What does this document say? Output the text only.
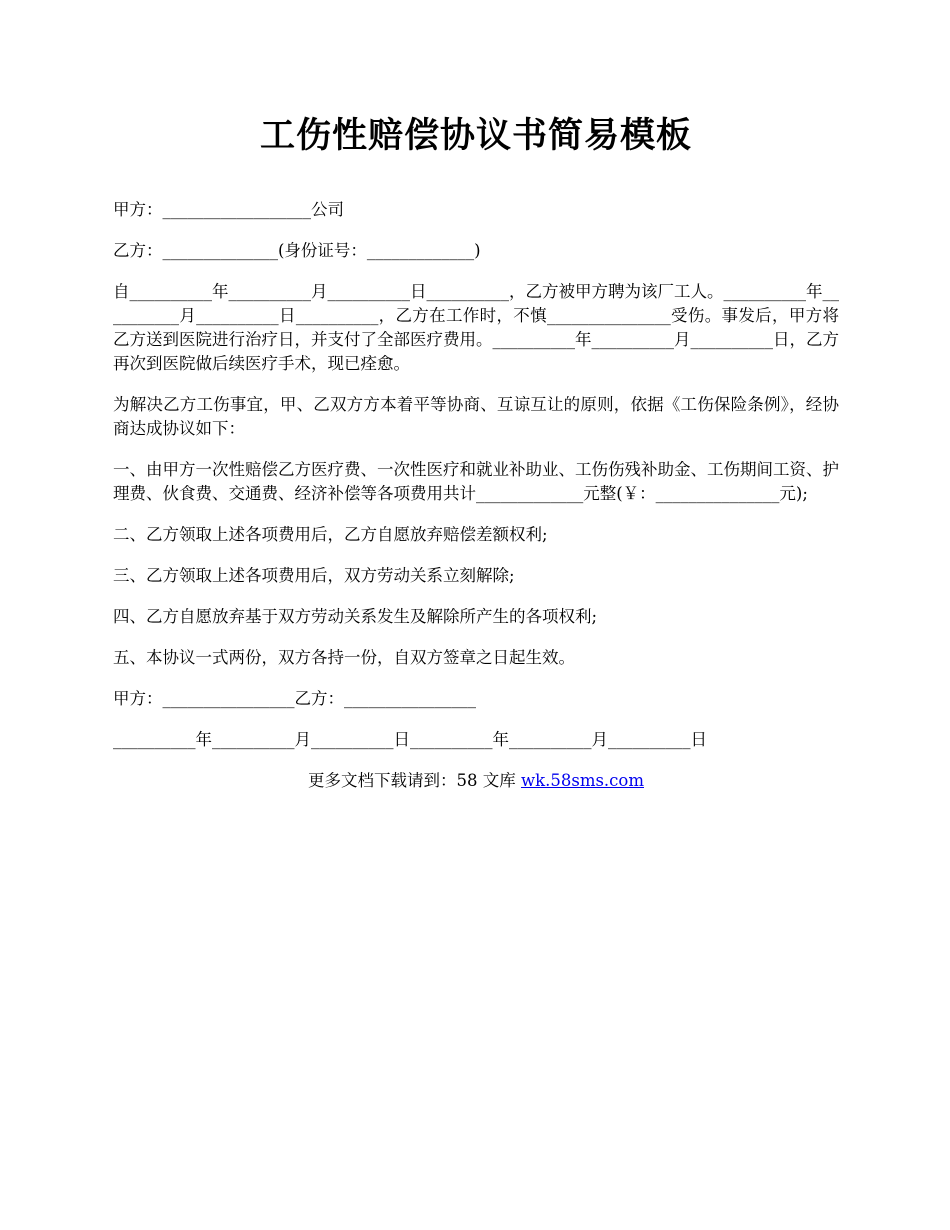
工伤性赔偿协议书简易模板

甲方：__________________公司

乙方：______________(身份证号：_____________)

自__________年__________月__________日__________，乙方被甲方聘为该厂工人。__________年__________月__________日__________，乙方在工作时，不慎_______________受伤。事发后，甲方将乙方送到医院进行治疗日，并支付了全部医疗费用。__________年__________月__________日，乙方再次到医院做后续医疗手术，现已痊愈。

为解决乙方工伤事宜，甲、乙双方方本着平等协商、互谅互让的原则，依据《工伤保险条例》，经协商达成协议如下：

一、由甲方一次性赔偿乙方医疗费、一次性医疗和就业补助业、工伤伤残补助金、工伤期间工资、护理费、伙食费、交通费、经济补偿等各项费用共计_____________元整(￥：_______________元);

二、乙方领取上述各项费用后，乙方自愿放弃赔偿差额权利;

三、乙方领取上述各项费用后，双方劳动关系立刻解除;

四、乙方自愿放弃基于双方劳动关系发生及解除所产生的各项权利;

五、本协议一式两份，双方各持一份，自双方签章之日起生效。

甲方：________________乙方：________________

__________年__________月__________日__________年__________月__________日

更多文档下载请到：58 文库 wk.58sms.com
